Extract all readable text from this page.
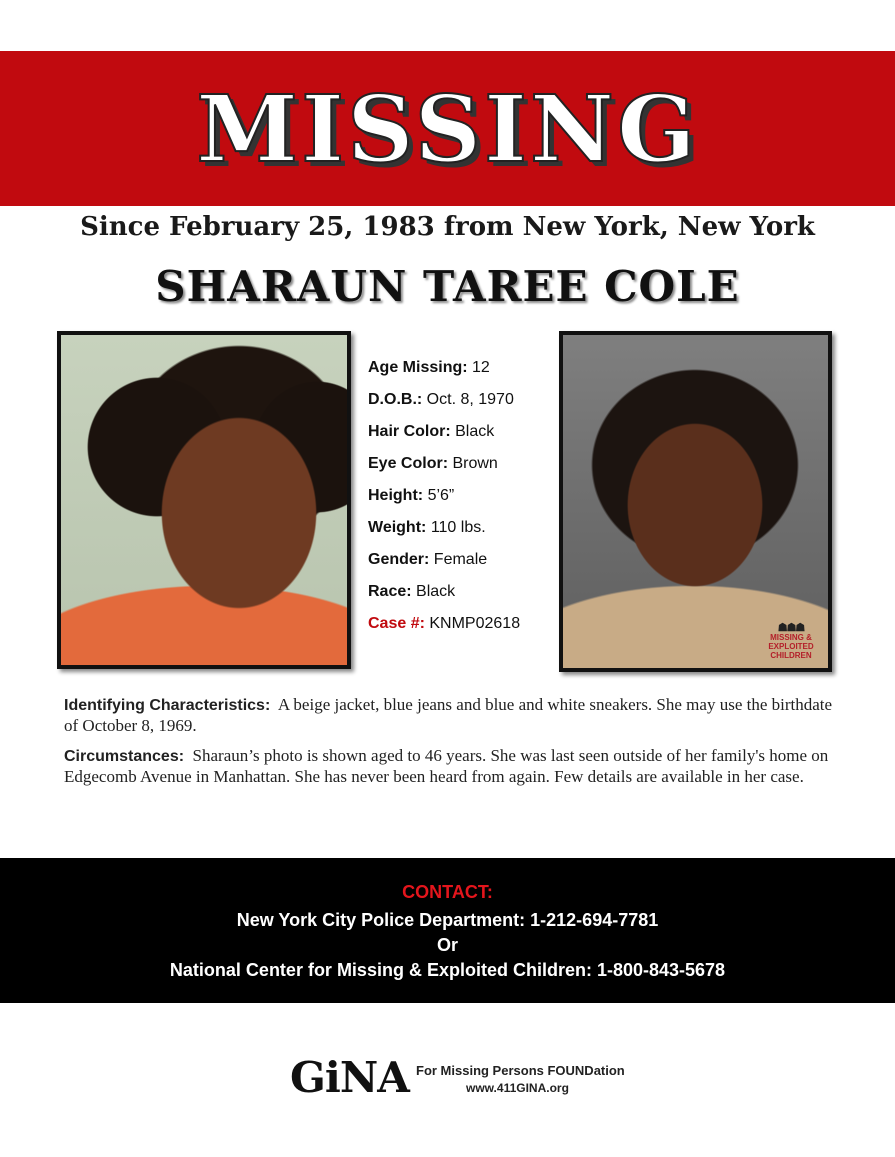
MISSING
Since February 25, 1983 from New York, New York
SHARAUN TAREE COLE
Age Missing: 12
D.O.B.: Oct. 8, 1970
Hair Color: Black
Eye Color: Brown
Height: 5’6”
Weight: 110 lbs.
Gender: Female
Race: Black
Case #: KNMP02618	☗☗☗
MISSING &
EXPLOITED
CHILDREN

Identifying Characteristics: A beige jacket, blue jeans and blue and white sneakers. She may use the birthdate of October 8, 1969.

Circumstances: Sharaun’s photo is shown aged to 46 years. She was last seen outside of her family's home on Edgecomb Avenue in Manhattan. She has never been heard from again. Few details are available in her case.

CONTACT:
New York City Police Department: 1-212-694-7781
Or
National Center for Missing & Exploited Children: 1-800-843-5678
GiNA For Missing Persons FOUNDation
www.411GINA.org
